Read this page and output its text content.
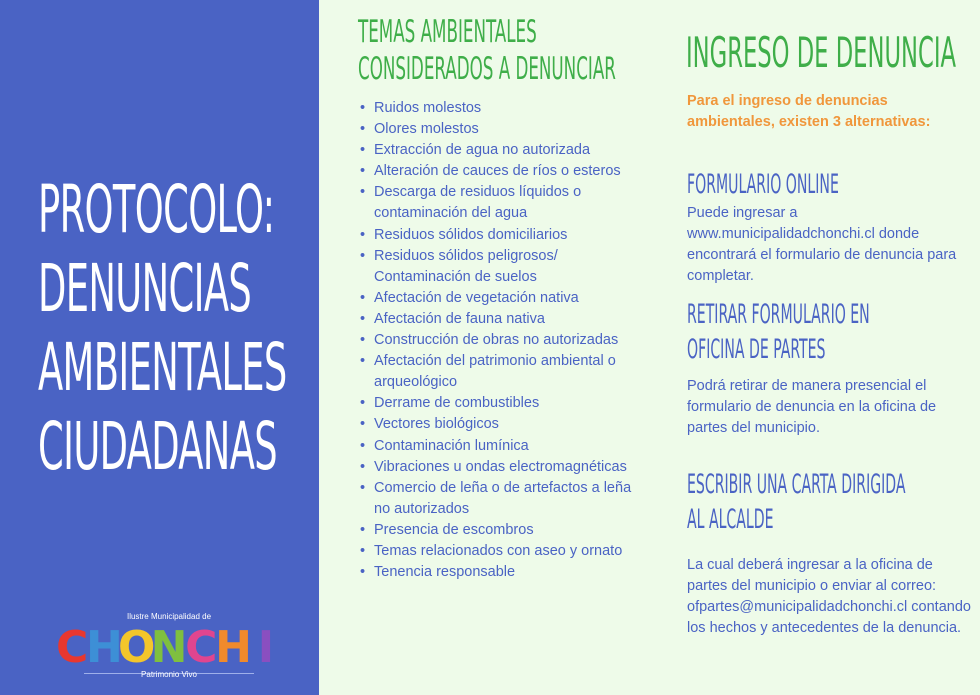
PROTOCOLO:
DENUNCIAS
AMBIENTALES
CIUDADANAS
Ilustre Municipalidad de
C
H
O
N
C
H I
Patrimonio Vivo
TEMAS AMBIENTALES
CONSIDERADOS A DENUNCIAR
• Ruidos molestos
• Olores molestos
• Extracción de agua no autorizada
• Alteración de cauces de ríos o esteros
• Descarga de residuos líquidos o contaminación del agua
• Residuos sólidos domiciliarios
• Residuos sólidos peligrosos/ Contaminación de suelos
• Afectación de vegetación nativa
• Afectación de fauna nativa
• Construcción de obras no autorizadas
• Afectación del patrimonio ambiental o arqueológico
• Derrame de combustibles
• Vectores biológicos
• Contaminación lumínica
• Vibraciones u ondas electromagnéticas
• Comercio de leña o de artefactos a leña no autorizados
• Presencia de escombros
• Temas relacionados con aseo y ornato
• Tenencia responsable
INGRESO DE DENUNCIA

Para el ingreso de denuncias ambientales, existen 3 alternativas:

FORMULARIO ONLINE

Puede ingresar a www.municipalidadchonchi.cl donde encontrará el formulario de denuncia para completar.

RETIRAR FORMULARIO EN
OFICINA DE PARTES

Podrá retirar de manera presencial el formulario de denuncia en la oficina de partes del municipio.

ESCRIBIR UNA CARTA DIRIGIDA
AL ALCALDE

La cual deberá ingresar a la oficina de partes del municipio o enviar al correo: ofpartes@municipalidadchonchi.cl contando los hechos y antecedentes de la denuncia.
